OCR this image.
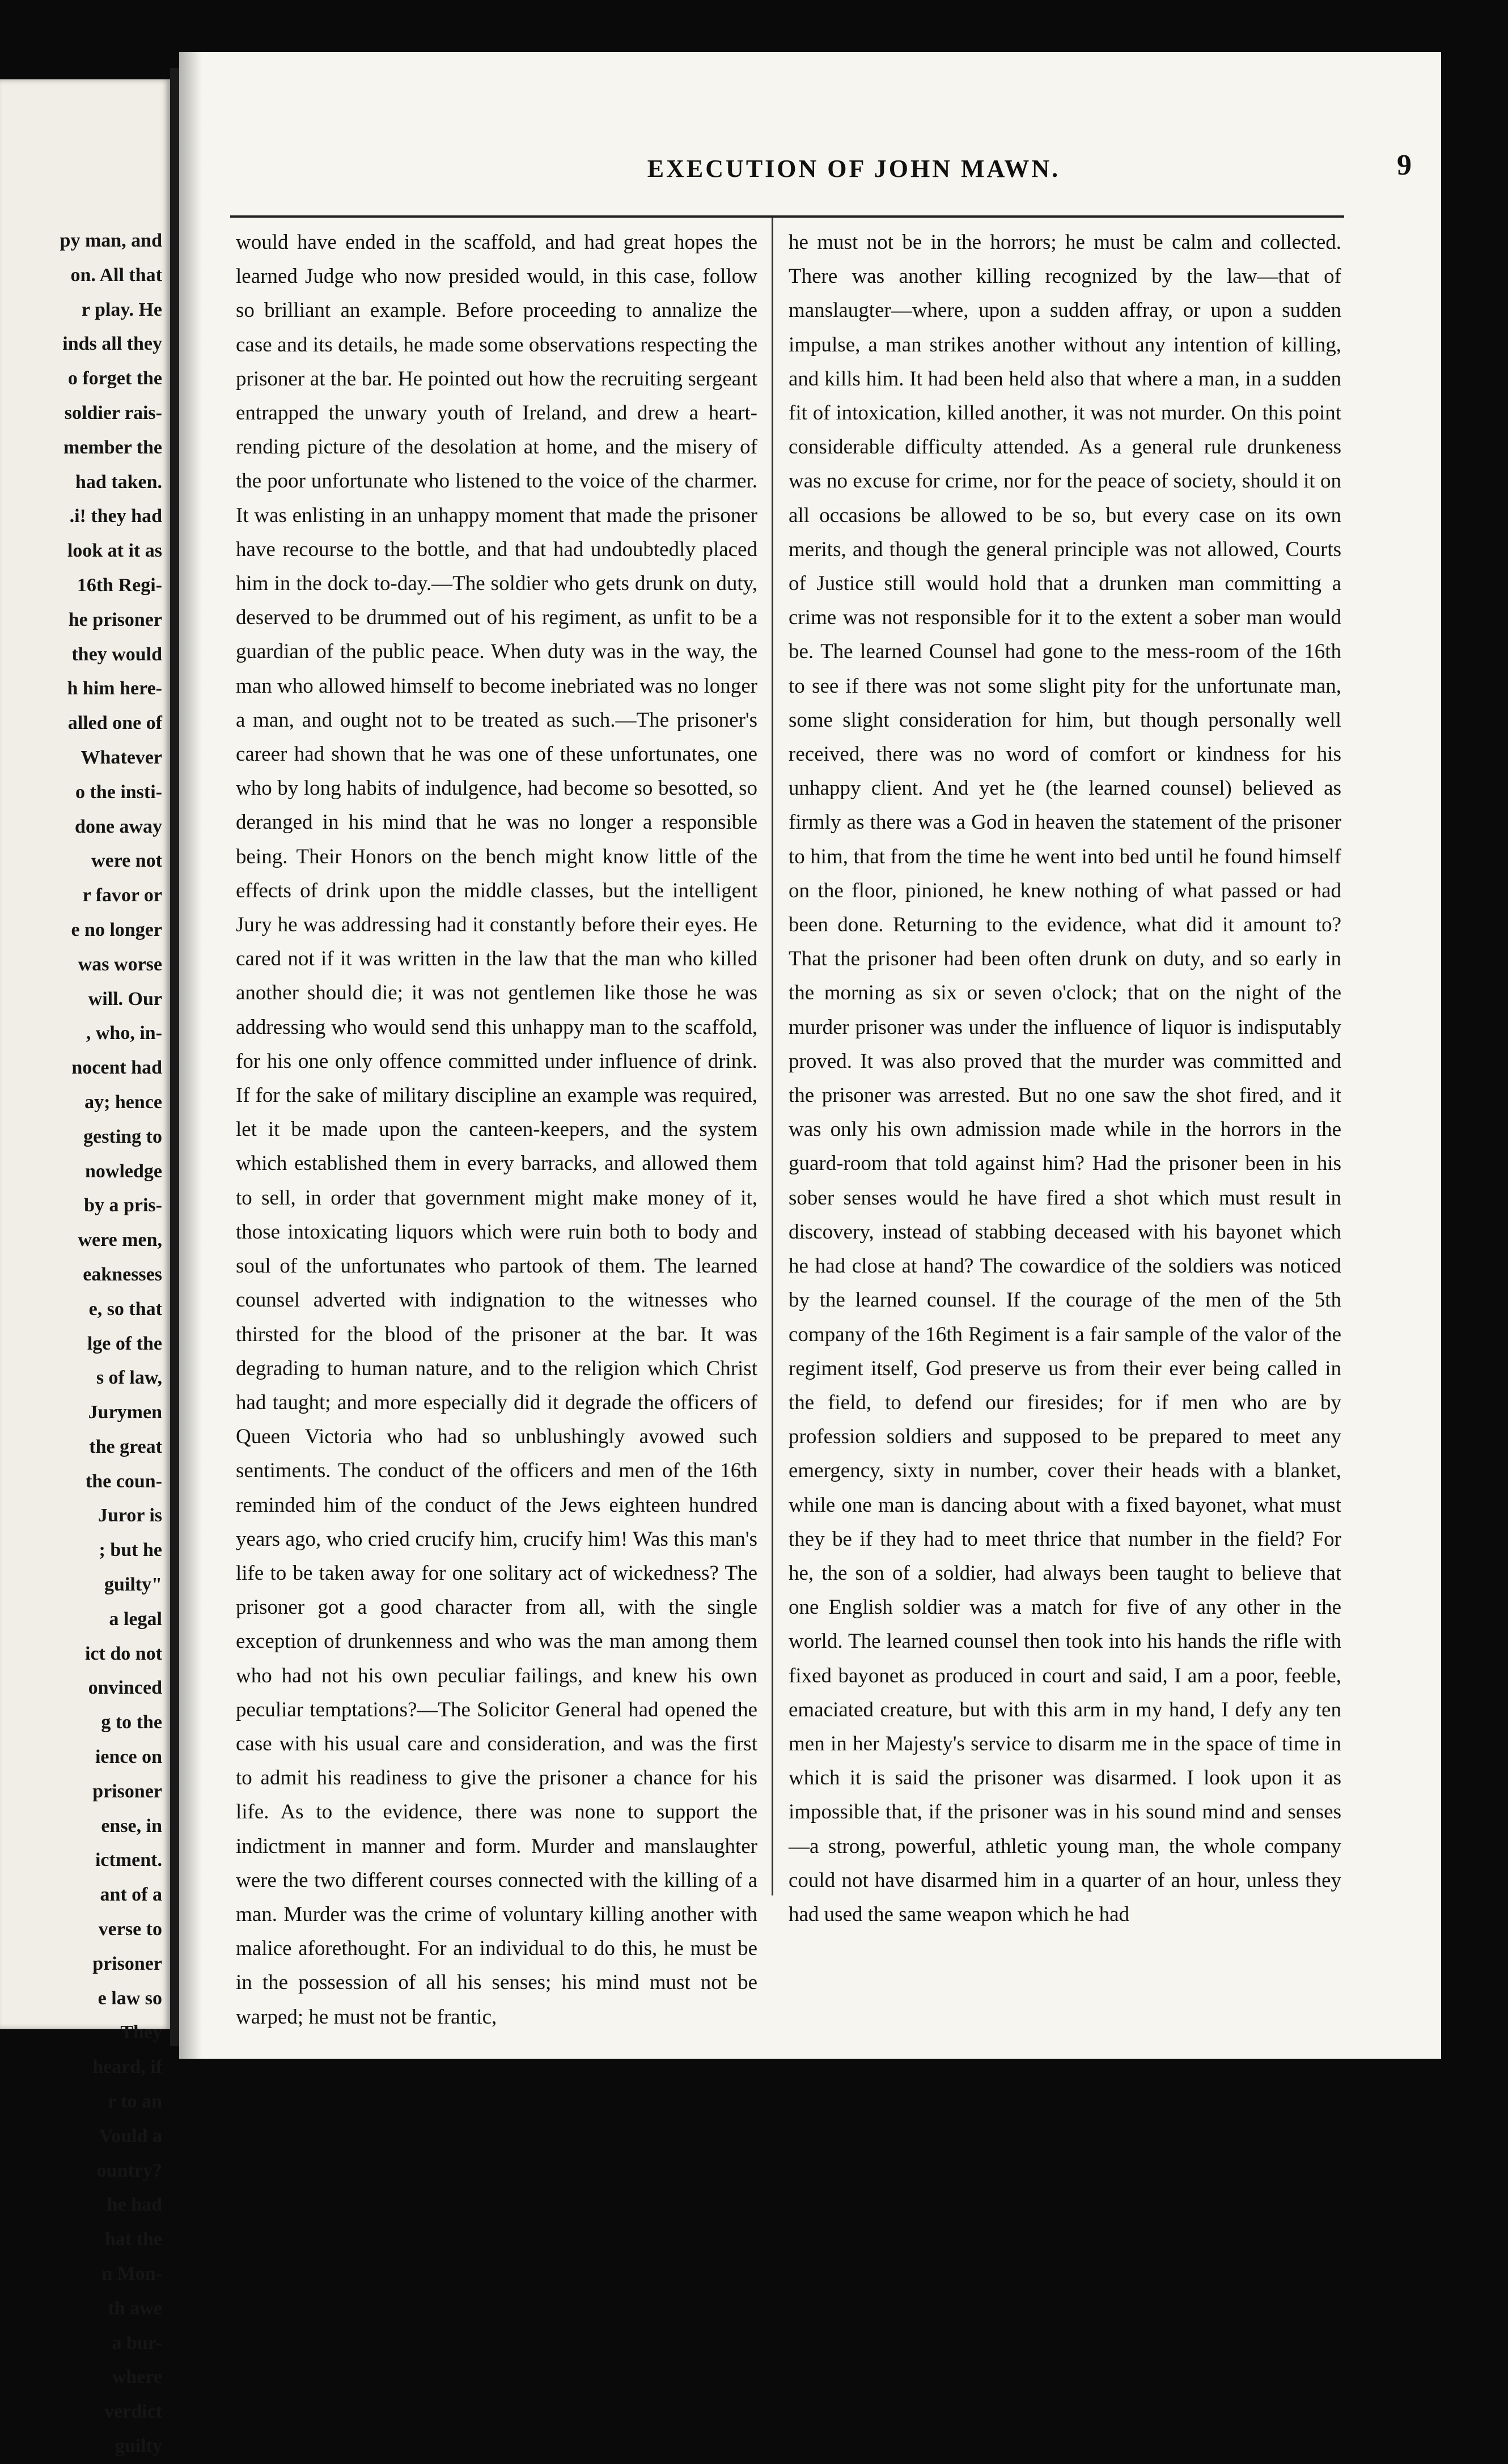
py man, and
on. All that
r play. He
inds all they
o forget the
soldier rais-
member the
had taken.
.i! they had
look at it as
16th Regi-
he prisoner
they would
h him here-
alled one of
Whatever
o the insti-
done away
were not
r favor or
e no longer
was worse
will. Our
, who, in-
nocent had
ay; hence
gesting to
nowledge
by a pris-
were men,
eaknesses
e, so that
lge of the
s of law,
Jurymen
the great
the coun-
Juror is
; but he
guilty"
a legal
ict do not
onvinced
g to the
ience on
prisoner
ense, in
ictment.
ant of a
verse to
prisoner
e law so
They
heard, if
r to an
Vould a
ountry?
he had
hat the
n Mon-
th awe
a bur-
where
verdict
guilty
EXECUTION OF JOHN MAWN.	9

would have ended in the scaffold, and had great hopes the learned Judge who now presided would, in this case, follow so brilliant an example. Before proceeding to annalize the case and its details, he made some observations respecting the prisoner at the bar. He pointed out how the recruiting sergeant entrapped the unwary youth of Ireland, and drew a heart-rending picture of the desolation at home, and the misery of the poor unfortunate who listened to the voice of the charmer. It was enlisting in an unhappy moment that made the prisoner have recourse to the bottle, and that had undoubtedly placed him in the dock to-day.—The soldier who gets drunk on duty, deserved to be drummed out of his regiment, as unfit to be a guardian of the public peace. When duty was in the way, the man who allowed himself to become inebriated was no longer a man, and ought not to be treated as such.—The prisoner's career had shown that he was one of these unfortunates, one who by long habits of indulgence, had become so besotted, so deranged in his mind that he was no longer a responsible being. Their Honors on the bench might know little of the effects of drink upon the middle classes, but the intelligent Jury he was addressing had it constantly before their eyes. He cared not if it was written in the law that the man who killed another should die; it was not gentlemen like those he was addressing who would send this unhappy man to the scaffold, for his one only offence committed under influence of drink. If for the sake of military discipline an example was required, let it be made upon the canteen-keepers, and the system which established them in every barracks, and allowed them to sell, in order that government might make money of it, those intoxicating liquors which were ruin both to body and soul of the unfortunates who partook of them. The learned counsel adverted with indignation to the witnesses who thirsted for the blood of the prisoner at the bar. It was degrading to human nature, and to the religion which Christ had taught; and more especially did it degrade the officers of Queen Victoria who had so unblushingly avowed such sentiments. The conduct of the officers and men of the 16th reminded him of the conduct of the Jews eighteen hundred years ago, who cried crucify him, crucify him! Was this man's life to be taken away for one solitary act of wickedness? The prisoner got a good character from all, with the single exception of drunkenness and who was the man among them who had not his own peculiar failings, and knew his own peculiar temptations?—The Solicitor General had opened the case with his usual care and consideration, and was the first to admit his readiness to give the prisoner a chance for his life. As to the evidence, there was none to support the indictment in manner and form. Murder and manslaughter were the two different courses connected with the killing of a man. Murder was the crime of voluntary killing another with malice aforethought. For an individual to do this, he must be in the possession of all his senses; his mind must not be warped; he must not be frantic,

he must not be in the horrors; he must be calm and collected. There was another killing recognized by the law—that of manslaugter—where, upon a sudden affray, or upon a sudden impulse, a man strikes another without any intention of killing, and kills him. It had been held also that where a man, in a sudden fit of intoxication, killed another, it was not murder. On this point considerable difficulty attended. As a general rule drunkeness was no excuse for crime, nor for the peace of society, should it on all occasions be allowed to be so, but every case on its own merits, and though the general principle was not allowed, Courts of Justice still would hold that a drunken man committing a crime was not responsible for it to the extent a sober man would be. The learned Counsel had gone to the mess-room of the 16th to see if there was not some slight pity for the unfortunate man, some slight consideration for him, but though personally well received, there was no word of comfort or kindness for his unhappy client. And yet he (the learned counsel) believed as firmly as there was a God in heaven the statement of the prisoner to him, that from the time he went into bed until he found himself on the floor, pinioned, he knew nothing of what passed or had been done. Returning to the evidence, what did it amount to? That the prisoner had been often drunk on duty, and so early in the morning as six or seven o'clock; that on the night of the murder prisoner was under the influence of liquor is indisputably proved. It was also proved that the murder was committed and the prisoner was arrested. But no one saw the shot fired, and it was only his own admission made while in the horrors in the guard-room that told against him? Had the prisoner been in his sober senses would he have fired a shot which must result in discovery, instead of stabbing deceased with his bayonet which he had close at hand? The cowardice of the soldiers was noticed by the learned counsel. If the courage of the men of the 5th company of the 16th Regiment is a fair sample of the valor of the regiment itself, God preserve us from their ever being called in the field, to defend our firesides; for if men who are by profession soldiers and supposed to be prepared to meet any emergency, sixty in number, cover their heads with a blanket, while one man is dancing about with a fixed bayonet, what must they be if they had to meet thrice that number in the field? For he, the son of a soldier, had always been taught to believe that one English soldier was a match for five of any other in the world. The learned counsel then took into his hands the rifle with fixed bayonet as produced in court and said, I am a poor, feeble, emaciated creature, but with this arm in my hand, I defy any ten men in her Majesty's service to disarm me in the space of time in which it is said the prisoner was disarmed. I look upon it as impossible that, if the prisoner was in his sound mind and senses—a strong, powerful, athletic young man, the whole company could not have disarmed him in a quarter of an hour, unless they had used the same weapon which he had
